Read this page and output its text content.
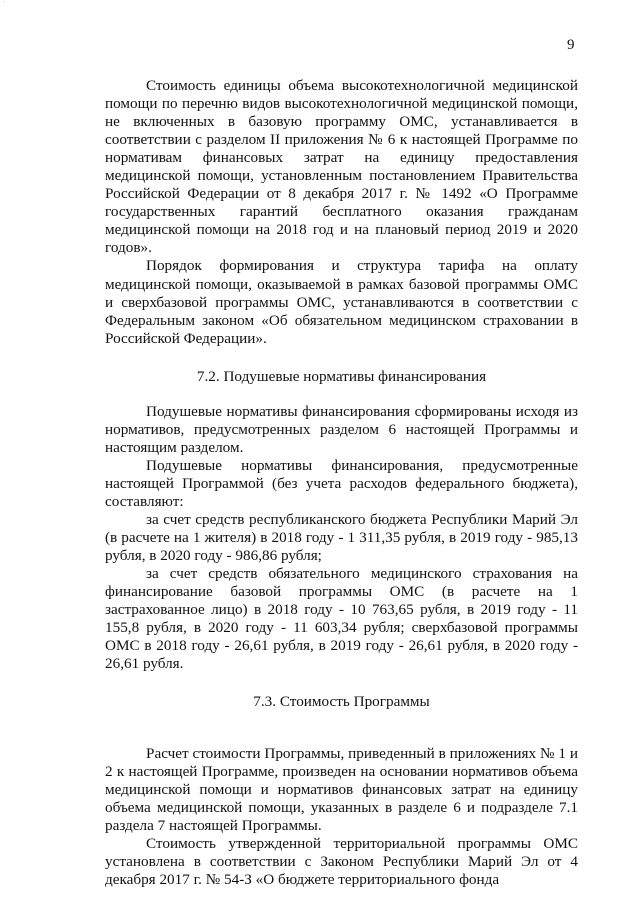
ˇ
9

Стоимость единицы объема высокотехнологичной медицинской помощи по перечню видов высокотехнологичной медицинской помощи, не включенных в базовую программу ОМС, устанавливается в соответствии с разделом II приложения № 6 к настоящей Программе по нормативам финансовых затрат на единицу предоставления медицинской помощи, установленным постановлением Правительства Российской Федерации от 8 декабря 2017 г. № 1492 «О Программе государственных гарантий бесплатного оказания гражданам медицинской помощи на 2018 год и на плановый период 2019 и 2020 годов».

Порядок формирования и структура тарифа на оплату медицинской помощи, оказываемой в рамках базовой программы ОМС и сверхбазовой программы ОМС, устанавливаются в соответствии с Федеральным законом «Об обязательном медицинском страховании в Российской Федерации».

7.2. Подушевые нормативы финансирования

Подушевые нормативы финансирования сформированы исходя из нормативов, предусмотренных разделом 6 настоящей Программы и настоящим разделом.

Подушевые нормативы финансирования, предусмотренные настоящей Программой (без учета расходов федерального бюджета), составляют:

за счет средств республиканского бюджета Республики Марий Эл (в расчете на 1 жителя) в 2018 году - 1 311,35 рубля, в 2019 году - 985,13 рубля, в 2020 году - 986,86 рубля;

за счет средств обязательного медицинского страхования на финансирование базовой программы ОМС (в расчете на 1 застрахованное лицо) в 2018 году - 10 763,65 рубля, в 2019 году - 11 155,8 рубля, в 2020 году - 11 603,34 рубля; сверхбазовой программы ОМС в 2018 году - 26,61 рубля, в 2019 году - 26,61 рубля, в 2020 году - 26,61 рубля.

7.3. Стоимость Программы

Расчет стоимости Программы, приведенный в приложениях № 1 и 2 к настоящей Программе, произведен на основании нормативов объема медицинской помощи и нормативов финансовых затрат на единицу объема медицинской помощи, указанных в разделе 6 и подразделе 7.1 раздела 7 настоящей Программы.

Стоимость утвержденной территориальной программы ОМС установлена в соответствии с Законом Республики Марий Эл от 4 декабря 2017 г. № 54-З «О бюджете территориального фонда
